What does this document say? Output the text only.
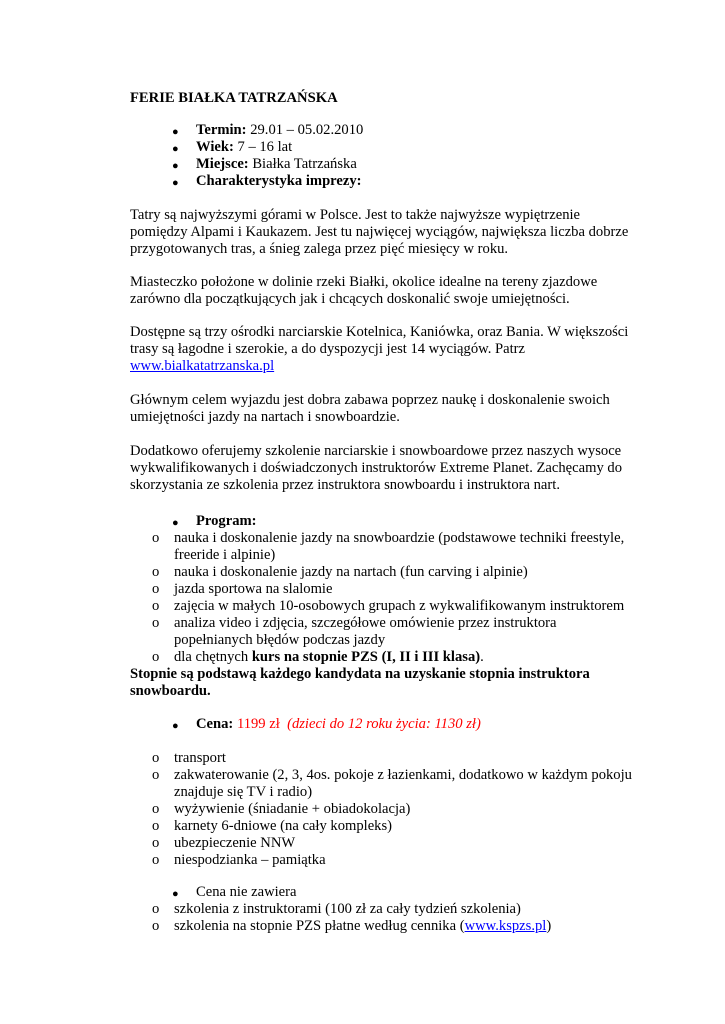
FERIE BIAŁKA TATRZAŃSKA
● Termin: 29.01 – 05.02.2010
● Wiek: 7 – 16 lat
● Miejsce: Białka Tatrzańska
● Charakterystyka imprezy:
Tatry są najwyższymi górami w Polsce. Jest to także najwyższe wypiętrzenie
pomiędzy Alpami i Kaukazem. Jest tu najwięcej wyciągów, największa liczba dobrze
przygotowanych tras, a śnieg zalega przez pięć miesięcy w roku.
Miasteczko położone w dolinie rzeki Białki, okolice idealne na tereny zjazdowe
zarówno dla początkujących jak i chcących doskonalić swoje umiejętności.
Dostępne są trzy ośrodki narciarskie Kotelnica, Kaniówka, oraz Bania. W większości
trasy są łagodne i szerokie, a do dyspozycji jest 14 wyciągów. Patrz
www.bialkatatrzanska.pl
Głównym celem wyjazdu jest dobra zabawa poprzez naukę i doskonalenie swoich
umiejętności jazdy na nartach i snowboardzie.
Dodatkowo oferujemy szkolenie narciarskie i snowboardowe przez naszych wysoce
wykwalifikowanych i doświadczonych instruktorów Extreme Planet. Zachęcamy do
skorzystania ze szkolenia przez instruktora snowboardu i instruktora nart.
● Program:
o nauka i doskonalenie jazdy na snowboardzie (podstawowe techniki freestyle,
freeride i alpinie)
o nauka i doskonalenie jazdy na nartach (fun carving i alpinie)
o jazda sportowa na slalomie
o zajęcia w małych 10-osobowych grupach z wykwalifikowanym instruktorem
o analiza video i zdjęcia, szczegółowe omówienie przez instruktora
popełnianych błędów podczas jazdy
o dla chętnych kurs na stopnie PZS (I, II i III klasa).
Stopnie są podstawą każdego kandydata na uzyskanie stopnia instruktora
snowboardu.
● Cena: 1199 zł (dzieci do 12 roku życia: 1130 zł)
o transport
o zakwaterowanie (2, 3, 4os. pokoje z łazienkami, dodatkowo w każdym pokoju
znajduje się TV i radio)
o wyżywienie (śniadanie + obiadokolacja)
o karnety 6-dniowe (na cały kompleks)
o ubezpieczenie NNW
o niespodzianka – pamiątka
● Cena nie zawiera
o szkolenia z instruktorami (100 zł za cały tydzień szkolenia)
o szkolenia na stopnie PZS płatne według cennika (www.kspzs.pl)
